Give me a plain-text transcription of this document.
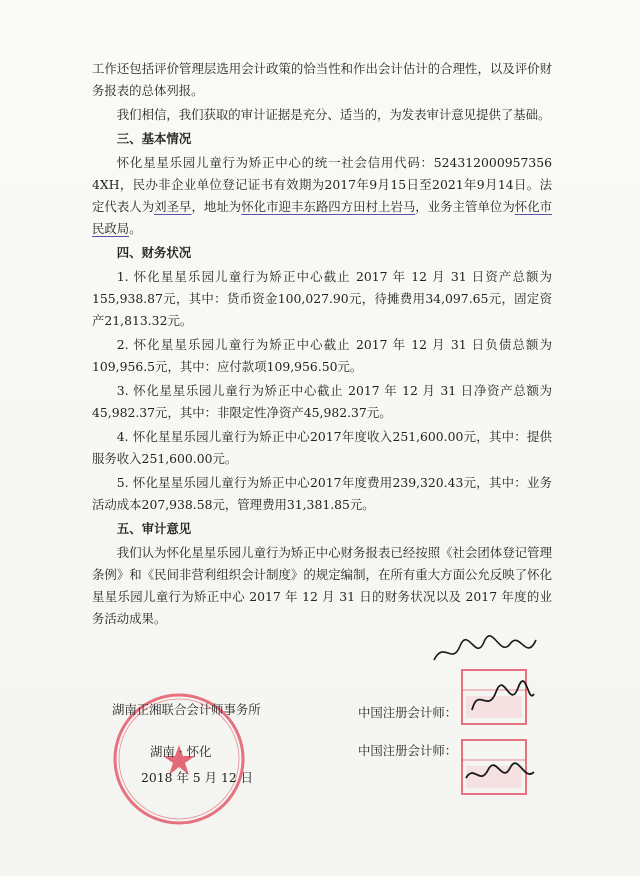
工作还包括评价管理层选用会计政策的恰当性和作出会计估计的合理性，以及评价财务报表的总体列报。

我们相信，我们获取的审计证据是充分、适当的，为发表审计意见提供了基础。

三、基本情况

怀化星星乐园儿童行为矫正中心的统一社会信用代码：524312000957356 4XH，民办非企业单位登记证书有效期为2017年9月15日至2021年9月14日。法定代表人为刘圣早，地址为怀化市迎丰东路四方田村上岩马，业务主管单位为怀化市民政局。

四、财务状况

1. 怀化星星乐园儿童行为矫正中心截止 2017 年 12 月 31 日资产总额为155,938.87元，其中：货币资金100,027.90元，待摊费用34,097.65元，固定资产21,813.32元。

2. 怀化星星乐园儿童行为矫正中心截止 2017 年 12 月 31 日负债总额为109,956.5元，其中：应付款项109,956.50元。

3. 怀化星星乐园儿童行为矫正中心截止 2017 年 12 月 31 日净资产总额为45,982.37元，其中：非限定性净资产45,982.37元。

4. 怀化星星乐园儿童行为矫正中心2017年度收入251,600.00元，其中：提供服务收入251,600.00元。

5. 怀化星星乐园儿童行为矫正中心2017年度费用239,320.43元，其中：业务活动成本207,938.58元，管理费用31,381.85元。

五、审计意见

我们认为怀化星星乐园儿童行为矫正中心财务报表已经按照《社会团体登记管理条例》和《民间非营利组织会计制度》的规定编制，在所有重大方面公允反映了怀化星星乐园儿童行为矫正中心 2017 年 12 月 31 日的财务状况以及 2017 年度的业务活动成果。

湖南正湘联合会计师事务所
湖南 · 怀化
2018 年 5 月 12 日
中国注册会计师：
中国注册会计师：
